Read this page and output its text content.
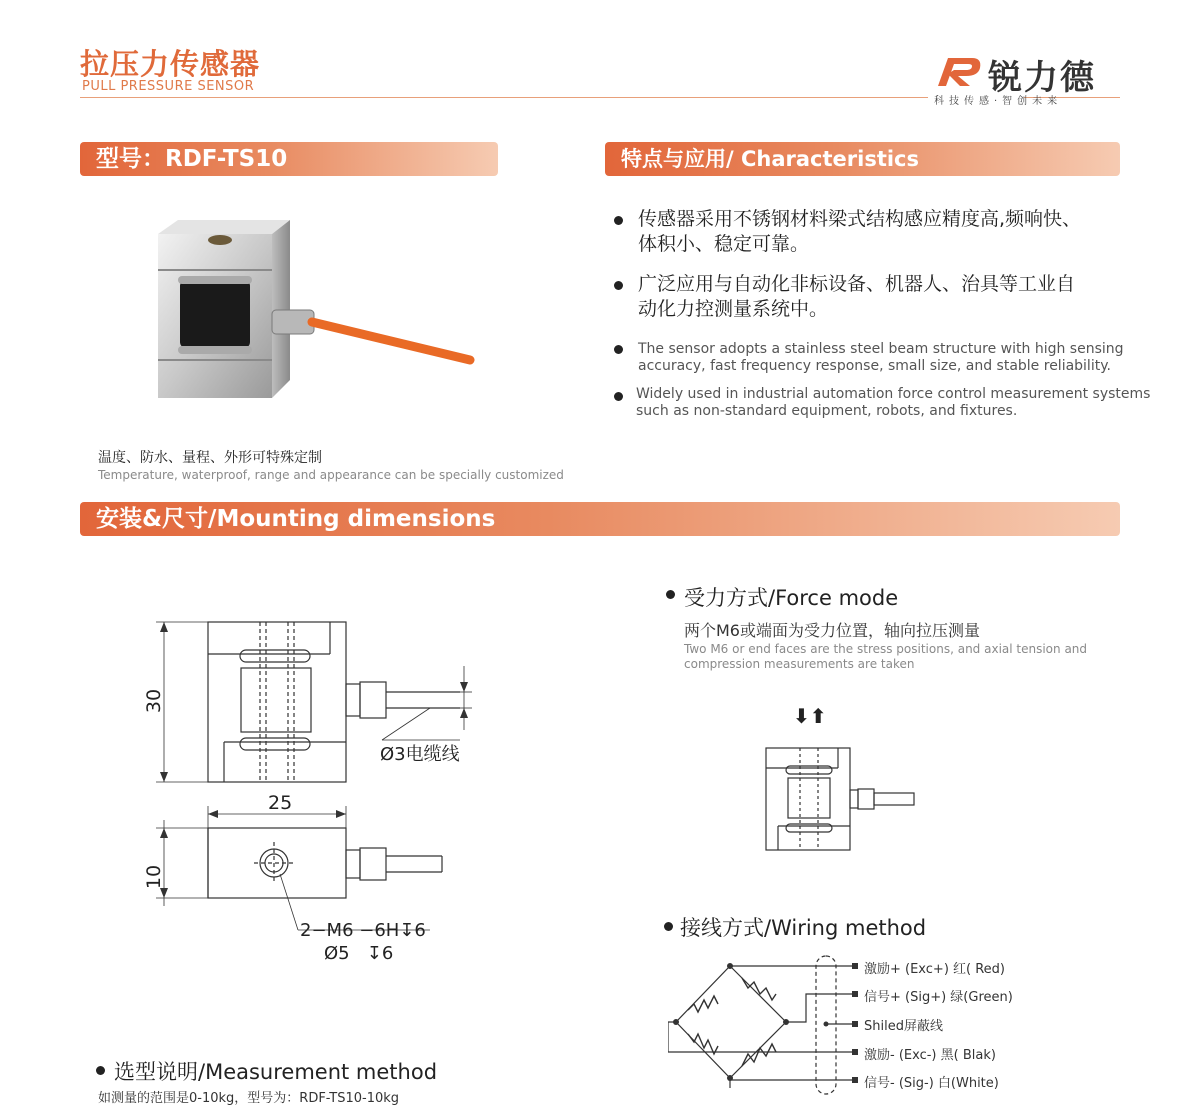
拉压力传感器
PULL PRESSURE SENSOR	锐力德
科技传感·智创未来
型号：RDF-TS10	特点与应用/ Characteristics
温度、防水、量程、外形可特殊定制
Temperature, waterproof, range and appearance can be specially customized
传感器采用不锈钢材料梁式结构感应精度高,频响快、
体积小、稳定可靠。
广泛应用与自动化非标设备、机器人、治具等工业自
动化力控测量系统中。
The sensor adopts a stainless steel beam structure with high sensing
accuracy, fast frequency response, small size, and stable reliability.
Widely used in industrial automation force control measurement systems
such as non-standard equipment, robots, and fixtures.
安装&尺寸/Mounting dimensions
30
25
10
Ø3电缆线
2−M6 −6H↧6
Ø5   ↧6
受力方式/Force mode
两个M6或端面为受力位置，轴向拉压测量
Two M6 or end faces are the stress positions, and axial tension and
compression measurements are taken
⬇⬆
接线方式/Wiring method
激励+ (Exc+) 红( Red)
信号+ (Sig+) 绿(Green)
Shiled屏蔽线
激励- (Exc-) 黑( Blak)
信号- (Sig-) 白(White)
选型说明/Measurement method
如测量的范围是0-10kg，型号为：RDF-TS10-10kg
